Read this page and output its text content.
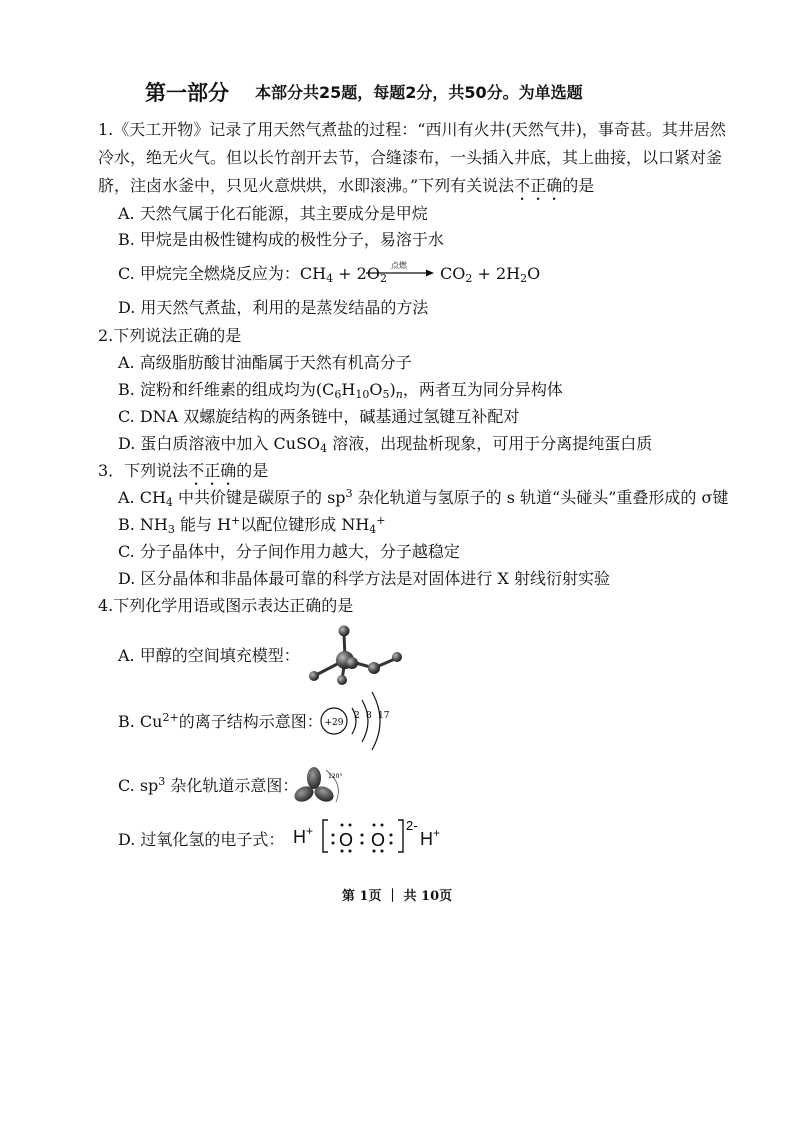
第一部分 本部分共25题，每题2分，共50分。为单选题
1.《天工开物》记录了用天然气煮盐的过程：“西川有火井(天然气井)，事奇甚。其井居然
冷水，绝无火气。但以长竹剖开去节，合缝漆布，一头插入井底，其上曲接，以口紧对釜
脐，注卤水釜中，只见火意烘烘，水即滚沸。”下列有关说法不正确的是
A. 天然气属于化石能源，其主要成分是甲烷
B. 甲烷是由极性键构成的极性分子，易溶于水
C. 甲烷完全燃烧反应为：$CH_4 + 2O_2$
点燃	$CO_2 + 2H_2O$
D. 用天然气煮盐，利用的是蒸发结晶的方法
2.下列说法正确的是
A. 高级脂肪酸甘油酯属于天然有机高分子
B. 淀粉和纤维素的组成均为$(C_6H_{10}O_5)_n$，两者互为同分异构体
C. DNA 双螺旋结构的两条链中，碱基通过氢键互补配对
D. 蛋白质溶液中加入 CuSO$_4$ 溶液，出现盐析现象，可用于分离提纯蛋白质
3．下列说法不正确的是
A. $CH_4$ 中共价键是碳原子的 $sp^3$ 杂化轨道与氢原子的 s 轨道“头碰头”重叠形成的 σ键
B. $NH_3$ 能与 H+以配位键形成 $NH_4^+$
C. 分子晶体中，分子间作用力越大，分子越稳定
D. 区分晶体和非晶体最可靠的科学方法是对固体进行 X 射线衍射实验
4.下列化学用语或图示表达正确的是
A. 甲醇的空间填充模型：
B. $Cu^{2+}$的离子结构示意图： +29
2 8 17
C. $sp^3$ 杂化轨道示意图：	120°
D. 过氧化氢的电子式： H+ O O
2-
H+
第 1页 ｜ 共 10页
